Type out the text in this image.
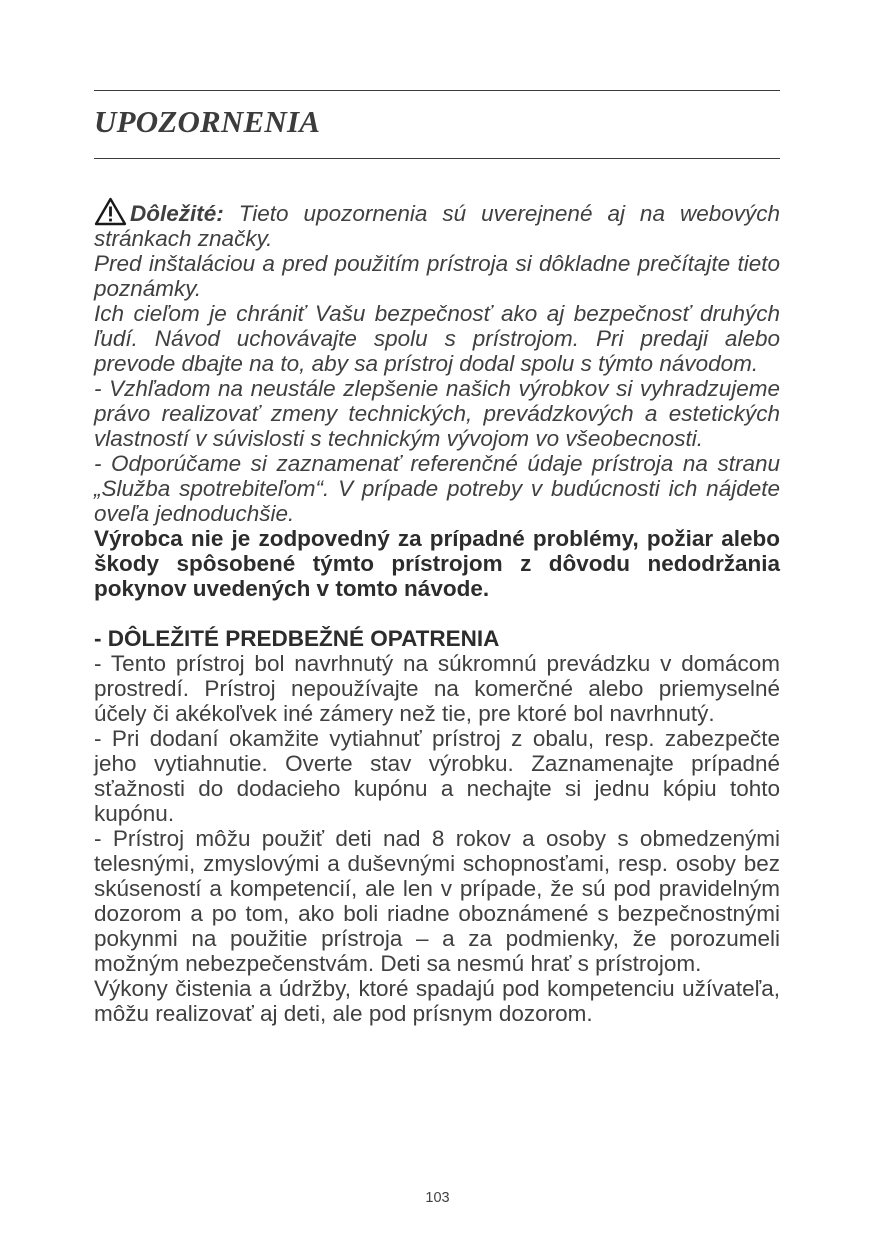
UPOZORNENIA

Dôležité: Tieto upozornenia sú uverejnené aj na webových stránkach značky.

Pred inštaláciou a pred použitím prístroja si dôkladne prečítajte tieto poznámky.

Ich cieľom je chrániť Vašu bezpečnosť ako aj bezpečnosť druhých ľudí. Návod uchovávajte spolu s prístrojom. Pri predaji alebo prevode dbajte na to, aby sa prístroj dodal spolu s týmto návodom.

- Vzhľadom na neustále zlepšenie našich výrobkov si vyhradzujeme právo realizovať zmeny technických, prevádzkových a estetických vlastností v súvislosti s technickým vývojom vo všeobecnosti.

- Odporúčame si zaznamenať referenčné údaje prístroja na stranu „Služba spotrebiteľom“. V prípade potreby v budúcnosti ich nájdete oveľa jednoduchšie.

Výrobca nie je zodpovedný za prípadné problémy, požiar alebo škody spôsobené týmto prístrojom z dôvodu nedodržania pokynov uvedených v tomto návode.

- DÔLEŽITÉ PREDBEŽNÉ OPATRENIA

- Tento prístroj bol navrhnutý na súkromnú prevádzku v domácom prostredí. Prístroj nepoužívajte na komerčné alebo priemyselné účely či akékoľvek iné zámery než tie, pre ktoré bol navrhnutý.

- Pri dodaní okamžite vytiahnuť prístroj z obalu, resp. zabezpečte jeho vytiahnutie. Overte stav výrobku. Zaznamenajte prípadné sťažnosti do dodacieho kupónu a nechajte si jednu kópiu tohto kupónu.

- Prístroj môžu použiť deti nad 8 rokov a osoby s obmedzenými telesnými, zmyslovými a duševnými schopnosťami, resp. osoby bez skúseností a kompetencií, ale len v prípade, že sú pod pravidelným dozorom a po tom, ako boli riadne oboznámené s bezpečnostnými pokynmi na použitie prístroja – a za podmienky, že porozumeli možným nebezpečenstvám. Deti sa nesmú hrať s prístrojom.

Výkony čistenia a údržby, ktoré spadajú pod kompetenciu užívateľa, môžu realizovať aj deti, ale pod prísnym dozorom.

103
